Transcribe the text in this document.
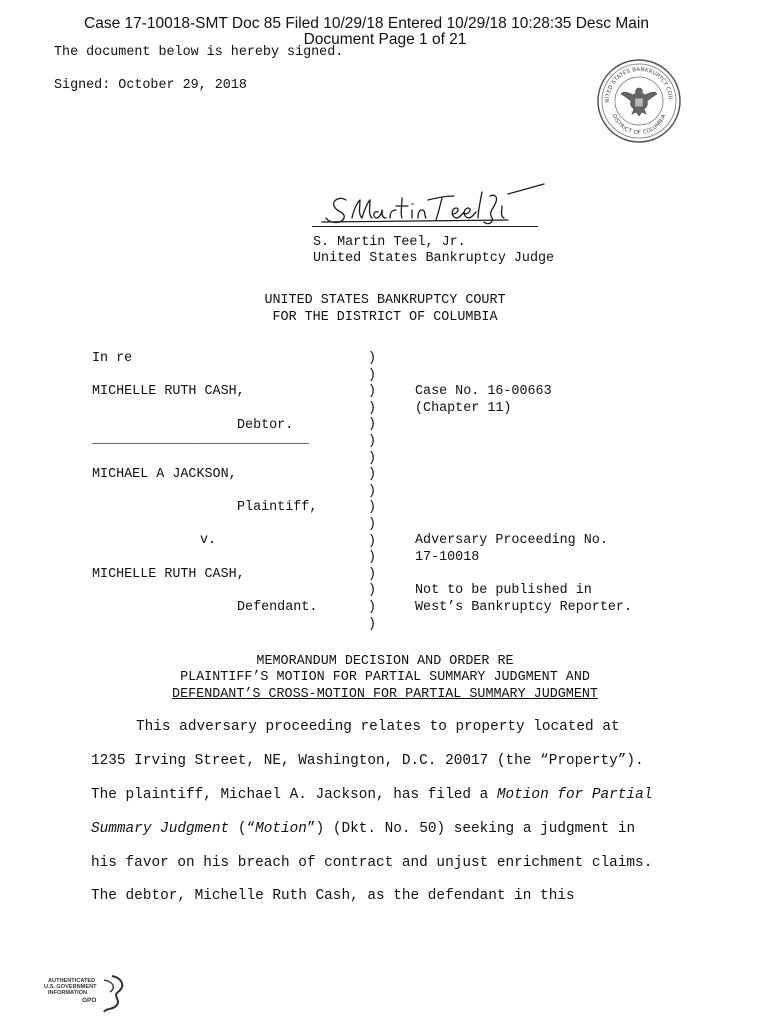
Case 17-10018-SMT Doc 85 Filed 10/29/18 Entered 10/29/18 10:28:35 Desc Main
Document Page 1 of 21
The document below is hereby signed.
Signed: October 29, 2018
NITED STATES BANKRUPTCY COU
DISTRICT OF COLUMBIA
S. Martin Teel, Jr.
United States Bankruptcy Judge
UNITED STATES BANKRUPTCY COURT
FOR THE DISTRICT OF COLUMBIA
In re
MICHELLE RUTH CASH,
Debtor.
___________________________
MICHAEL A JACKSON,
Plaintiff,
v.
MICHELLE RUTH CASH,
Defendant.
)
)
)
)
)
)
)
)
)
)
)
)
)
)
)
)
)
Case No. 16-00663
(Chapter 11)
Adversary Proceeding No.
17-10018
Not to be published in
West’s Bankruptcy Reporter.
MEMORANDUM DECISION AND ORDER RE
PLAINTIFF’S MOTION FOR PARTIAL SUMMARY JUDGMENT AND
DEFENDANT’S CROSS-MOTION FOR PARTIAL SUMMARY JUDGMENT
This adversary proceeding relates to property located at
1235 Irving Street, NE, Washington, D.C. 20017 (the “Property”).
The plaintiff, Michael A. Jackson, has filed a Motion for Partial
Summary Judgment (“Motion”) (Dkt. No. 50) seeking a judgment in
his favor on his breach of contract and unjust enrichment claims.
The debtor, Michelle Ruth Cash, as the defendant in this
AUTHENTICATED
U.S. GOVERNMENT
INFORMATION
GPO
